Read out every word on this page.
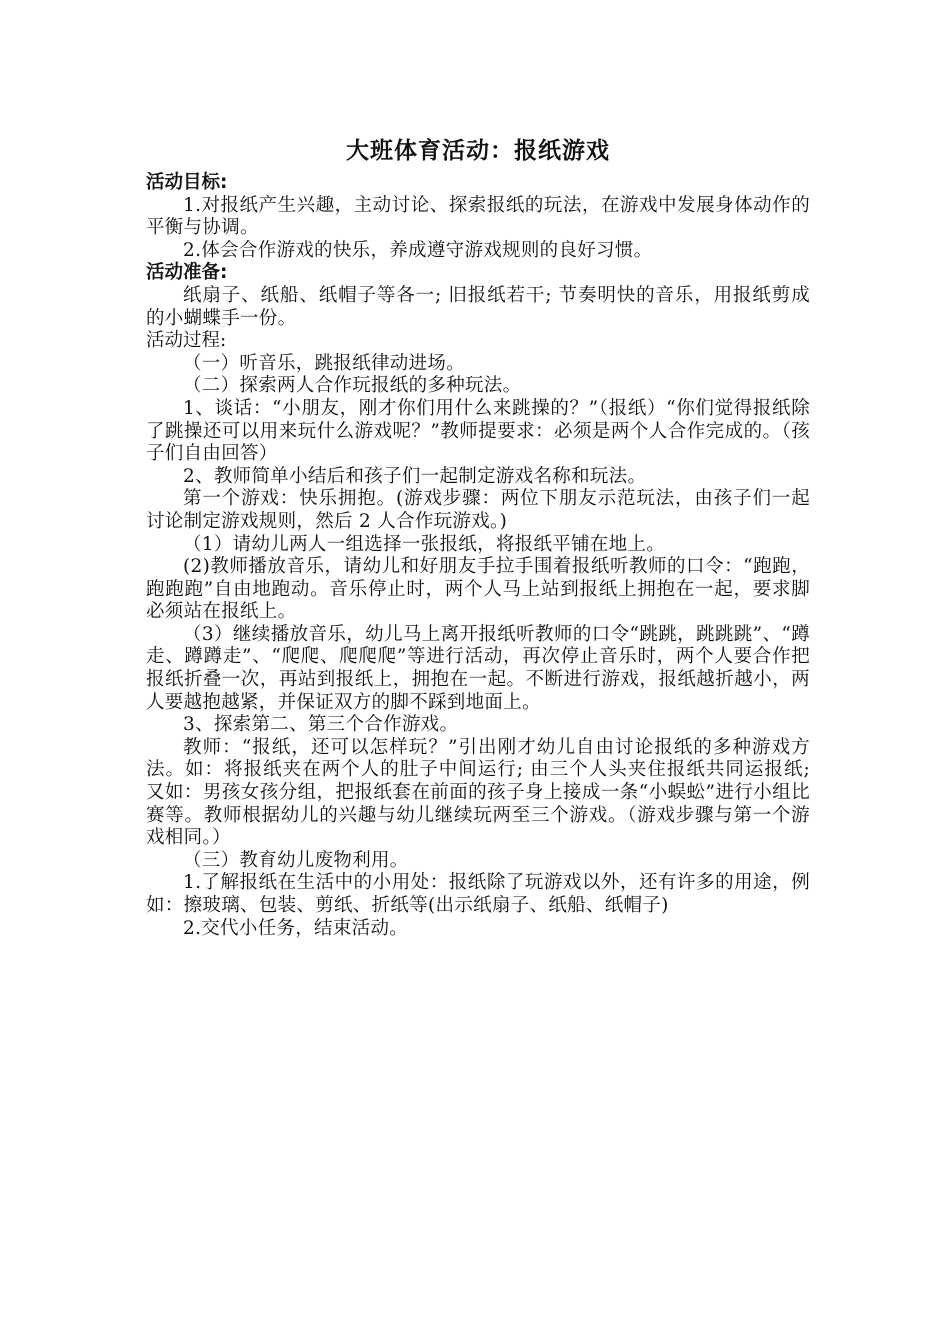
大班体育活动：报纸游戏
活动目标:

1.对报纸产生兴趣，主动讨论、探索报纸的玩法，在游戏中发展身体动作的平衡与协调。

2.体会合作游戏的快乐，养成遵守游戏规则的良好习惯。

活动准备:

纸扇子、纸船、纸帽子等各一; 旧报纸若干; 节奏明快的音乐，用报纸剪成的小蝴蝶手一份。

活动过程:

（一）听音乐，跳报纸律动进场。

（二）探索两人合作玩报纸的多种玩法。

1、谈话：“小朋友，刚才你们用什么来跳操的？”（报纸）“你们觉得报纸除了跳操还可以用来玩什么游戏呢？”教师提要求：必须是两个人合作完成的。（孩子们自由回答）

2、教师简单小结后和孩子们一起制定游戏名称和玩法。

第一个游戏：快乐拥抱。(游戏步骤：两位下朋友示范玩法，由孩子们一起讨论制定游戏规则，然后 2 人合作玩游戏。)

（1）请幼儿两人一组选择一张报纸，将报纸平铺在地上。

(2)教师播放音乐，请幼儿和好朋友手拉手围着报纸听教师的口令：“跑跑，跑跑跑”自由地跑动。音乐停止时，两个人马上站到报纸上拥抱在一起，要求脚必须站在报纸上。

（3）继续播放音乐，幼儿马上离开报纸听教师的口令“跳跳，跳跳跳”、“蹲走、蹲蹲走”、“爬爬、爬爬爬”等进行活动，再次停止音乐时，两个人要合作把报纸折叠一次，再站到报纸上，拥抱在一起。不断进行游戏，报纸越折越小，两人要越抱越紧，并保证双方的脚不踩到地面上。

3、探索第二、第三个合作游戏。

教师：“报纸，还可以怎样玩？”引出刚才幼儿自由讨论报纸的多种游戏方法。如：将报纸夹在两个人的肚子中间运行; 由三个人头夹住报纸共同运报纸; 又如：男孩女孩分组，把报纸套在前面的孩子身上接成一条“小蜈蚣”进行小组比赛等。教师根据幼儿的兴趣与幼儿继续玩两至三个游戏。（游戏步骤与第一个游戏相同。）

（三）教育幼儿废物利用。

1.了解报纸在生活中的小用处：报纸除了玩游戏以外，还有许多的用途，例如：擦玻璃、包装、剪纸、折纸等(出示纸扇子、纸船、纸帽子)

2.交代小任务，结束活动。
